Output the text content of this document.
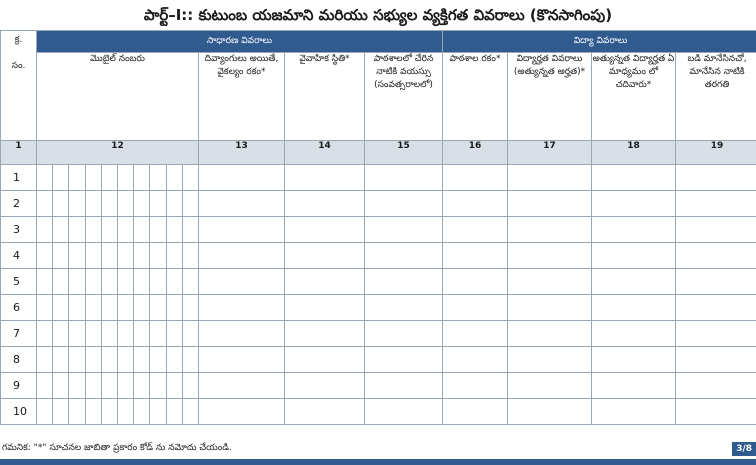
పార్ట్–I:: కుటుంబ యజమాని మరియు సభ్యుల వ్యక్తిగత వివరాలు (కొనసాగింపు)
క్ర.
సం.	సాధారణ వివరాలు				విద్యా వివరాలు			
	మొబైల్ నంబరు	దివ్యాంగులు అయితే, వైకల్యం రకం*	వైవాహిక స్థితి*	పాఠశాలలో చేరిన నాటికి వయస్సు (సంవత్సరాలలో)	పాఠశాల రకం*	విద్యార్హత వివరాలు (అత్యున్నత అర్హత)*	అత్యున్నత విద్యార్హత ఏ మాధ్యమం లో చదివారు*	బడి మానేసినచో, మానేసిన నాటికి తరగతి
1	12	13	14	15	16	17	18	19
1	

2	

3	

4	

5	

6	

7	

8	

9	

10	

గమనిక: "*" సూచనల జాబితా ప్రకారం కోడ్ ను నమోదు చేయండి.	3/8
